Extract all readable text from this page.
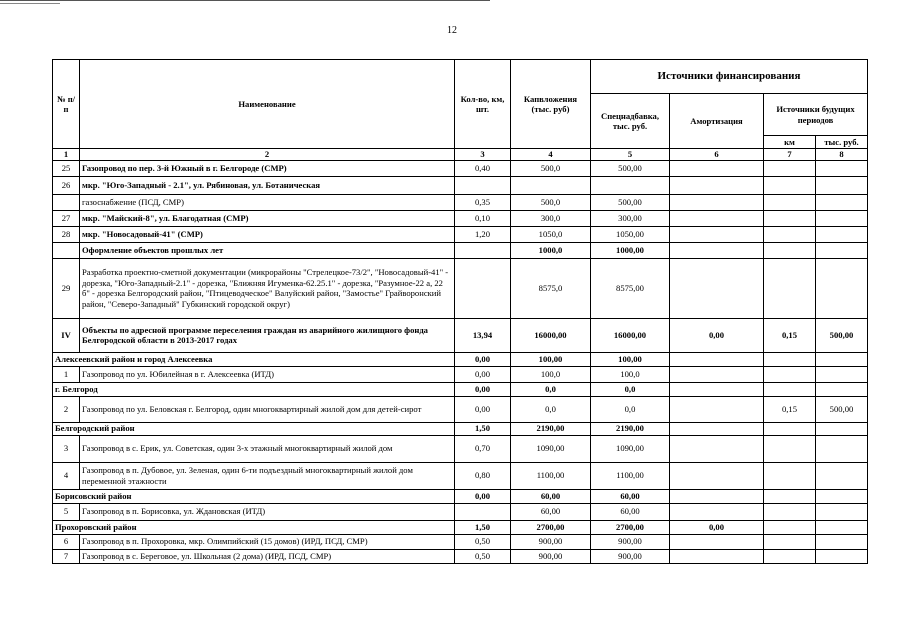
12
№ п/п	Наименование	Кол-во, км, шт.	Капвложения (тыс. руб)	Источники финансирования			
				Спецнадбавка, тыс. руб.	Амортизация	Источники будущих периодов	
						км	тыс. руб.
1	2	3	4	5	6	7	8
25	Газопровод по пер. 3-й Южный в г. Белгороде (СМР)	0,40	500,0	500,00			
26	мкр. "Юго-Западный - 2.1", ул. Рябиновая, ул. Ботаническая						
	газоснабжение (ПСД, СМР)	0,35	500,0	500,00			
27	мкр. "Майский-8", ул. Благодатная (СМР)	0,10	300,0	300,00			
28	мкр. "Новосадовый-41" (СМР)	1,20	1050,0	1050,00			
	Оформление объектов прошлых лет		1000,0	1000,00			
29	Разработка проектно-сметной документации (микрорайоны "Стрелецкое-73/2", "Новосадовый-41" - дорезка, "Юго-Западный-2.1" - дорезка, "Ближняя Игуменка-62.25.1" - дорезка, "Разумное-22 а, 22 б" - дорезка Белгородский район, "Птицеводческое" Валуйский район, "Замостье" Грайворонский район, "Северо-Западный" Губкинский городской округ)		8575,0	8575,00			
IV	Объекты по адресной программе переселения граждан из аварийного жилищного фонда Белгородской области в 2013-2017 годах	13,94	16000,00	16000,00	0,00	0,15	500,00
Алексеевский район и город Алексеевка		0,00	100,00	100,00			
1	Газопровод по ул. Юбилейная в г. Алексеевка (ИТД)	0,00	100,0	100,0			
г. Белгород		0,00	0,0	0,0			
2	Газопровод по ул. Беловская г. Белгород, один многоквартирный жилой дом для детей-сирот	0,00	0,0	0,0		0,15	500,00
Белгородский район		1,50	2190,00	2190,00			
3	Газопровод в с. Ерик, ул. Советская, один 3-х этажный многоквартирный жилой дом	0,70	1090,00	1090,00			
4	Газопровод в п. Дубовое, ул. Зеленая, один 6-ти подъездный многоквартирный жилой дом переменной этажности	0,80	1100,00	1100,00			
Борисовский район		0,00	60,00	60,00			
5	Газопровод в п. Борисовка, ул. Ждановская (ИТД)		60,00	60,00			
Прохоровский район		1,50	2700,00	2700,00	0,00		
6	Газопровод в п. Прохоровка, мкр. Олимпийский (15 домов) (ИРД, ПСД, СМР)	0,50	900,00	900,00			
7	Газопровод в с. Береговое, ул. Школьная (2 дома) (ИРД, ПСД, СМР)	0,50	900,00	900,00			
